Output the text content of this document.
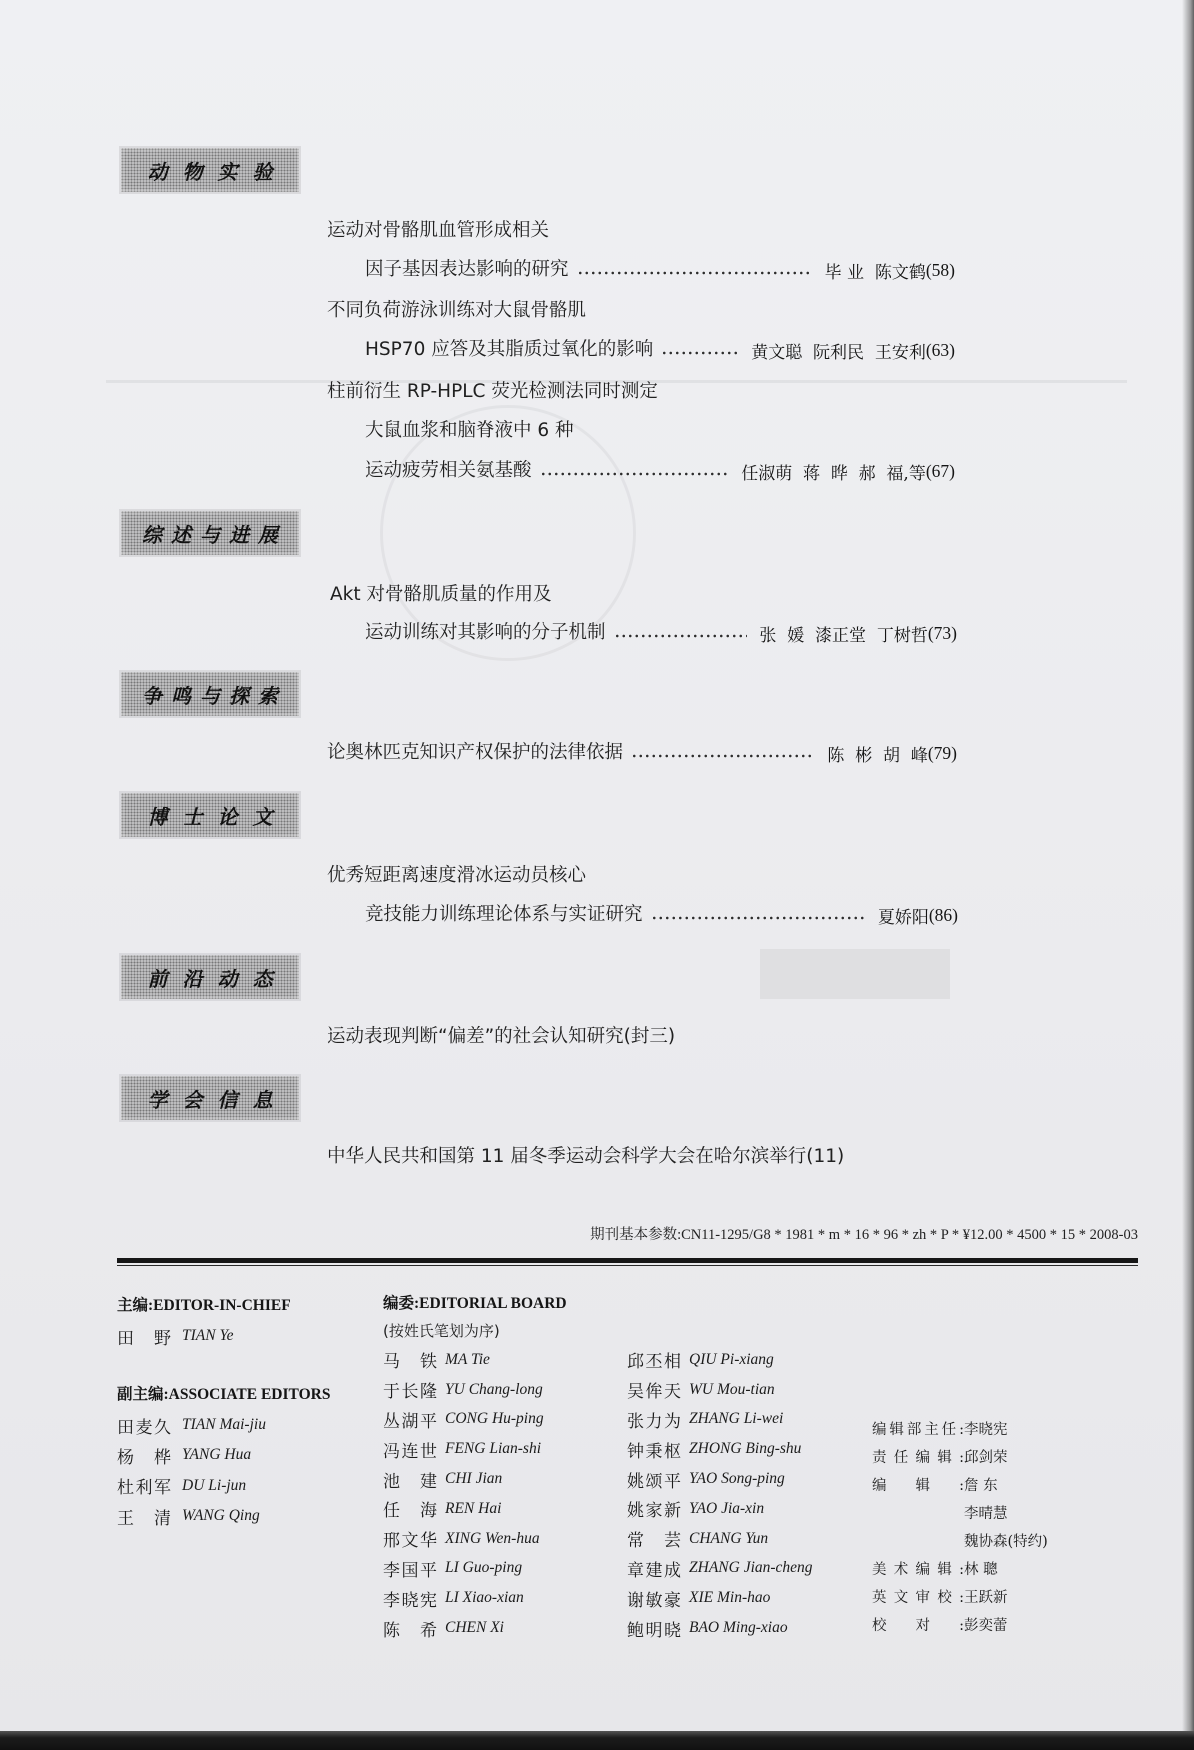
动物实验
运动对骨骼肌血管形成相关
因子基因表达影响的研究	毕 业  陈文鹤 (58)
不同负荷游泳训练对大鼠骨骼肌
HSP70 应答及其脂质过氧化的影响	黄文聪  阮利民  王安利 (63)
柱前衍生 RP-HPLC 荧光检测法同时测定
大鼠血浆和脑脊液中 6 种
运动疲劳相关氨基酸	任淑萌  蒋  晔  郝  福,等 (67)
综述与进展
Akt 对骨骼肌质量的作用及
运动训练对其影响的分子机制	张  媛  漆正堂  丁树哲 (73)
争鸣与探索
论奥林匹克知识产权保护的法律依据	陈  彬  胡  峰 (79)
博士论文
优秀短距离速度滑冰运动员核心
竞技能力训练理论体系与实证研究	夏娇阳 (86)
前沿动态
运动表现判断“偏差”的社会认知研究(封三)
学会信息
中华人民共和国第 11 届冬季运动会科学大会在哈尔滨举行(11)
期刊基本参数:CN11-1295/G8 * 1981 * m * 16 * 96 * zh * P * ¥12.00 * 4500 * 15 * 2008-03
主编:EDITOR-IN-CHIEF
田 野 TIAN Ye
副主编:ASSOCIATE EDITORS
田麦久 TIAN Mai-jiu
杨 桦 YANG Hua
杜利军 DU Li-jun
王 清 WANG Qing
编委:EDITORIAL BOARD
(按姓氏笔划为序)
马 铁 MA Tie
于长隆 YU Chang-long
丛湖平 CONG Hu-ping
冯连世 FENG Lian-shi
池 建 CHI Jian
任 海 REN Hai
邢文华 XING Wen-hua
李国平 LI Guo-ping
李晓宪 LI Xiao-xian
陈 希 CHEN Xi
邱丕相 QIU Pi-xiang
吴侔天 WU Mou-tian
张力为 ZHANG Li-wei
钟秉枢 ZHONG Bing-shu
姚颂平 YAO Song-ping
姚家新 YAO Jia-xin
常 芸 CHANG Yun
章建成 ZHANG Jian-cheng
谢敏豪 XIE Min-hao
鲍明晓 BAO Ming-xiao
编辑部主任: 李晓宪
责任编辑: 邱剑荣
编辑: 詹 东
李晴慧
魏协森(特约)
美术编辑: 林 聰
英文审校: 王跃新
校对: 彭奕蕾
